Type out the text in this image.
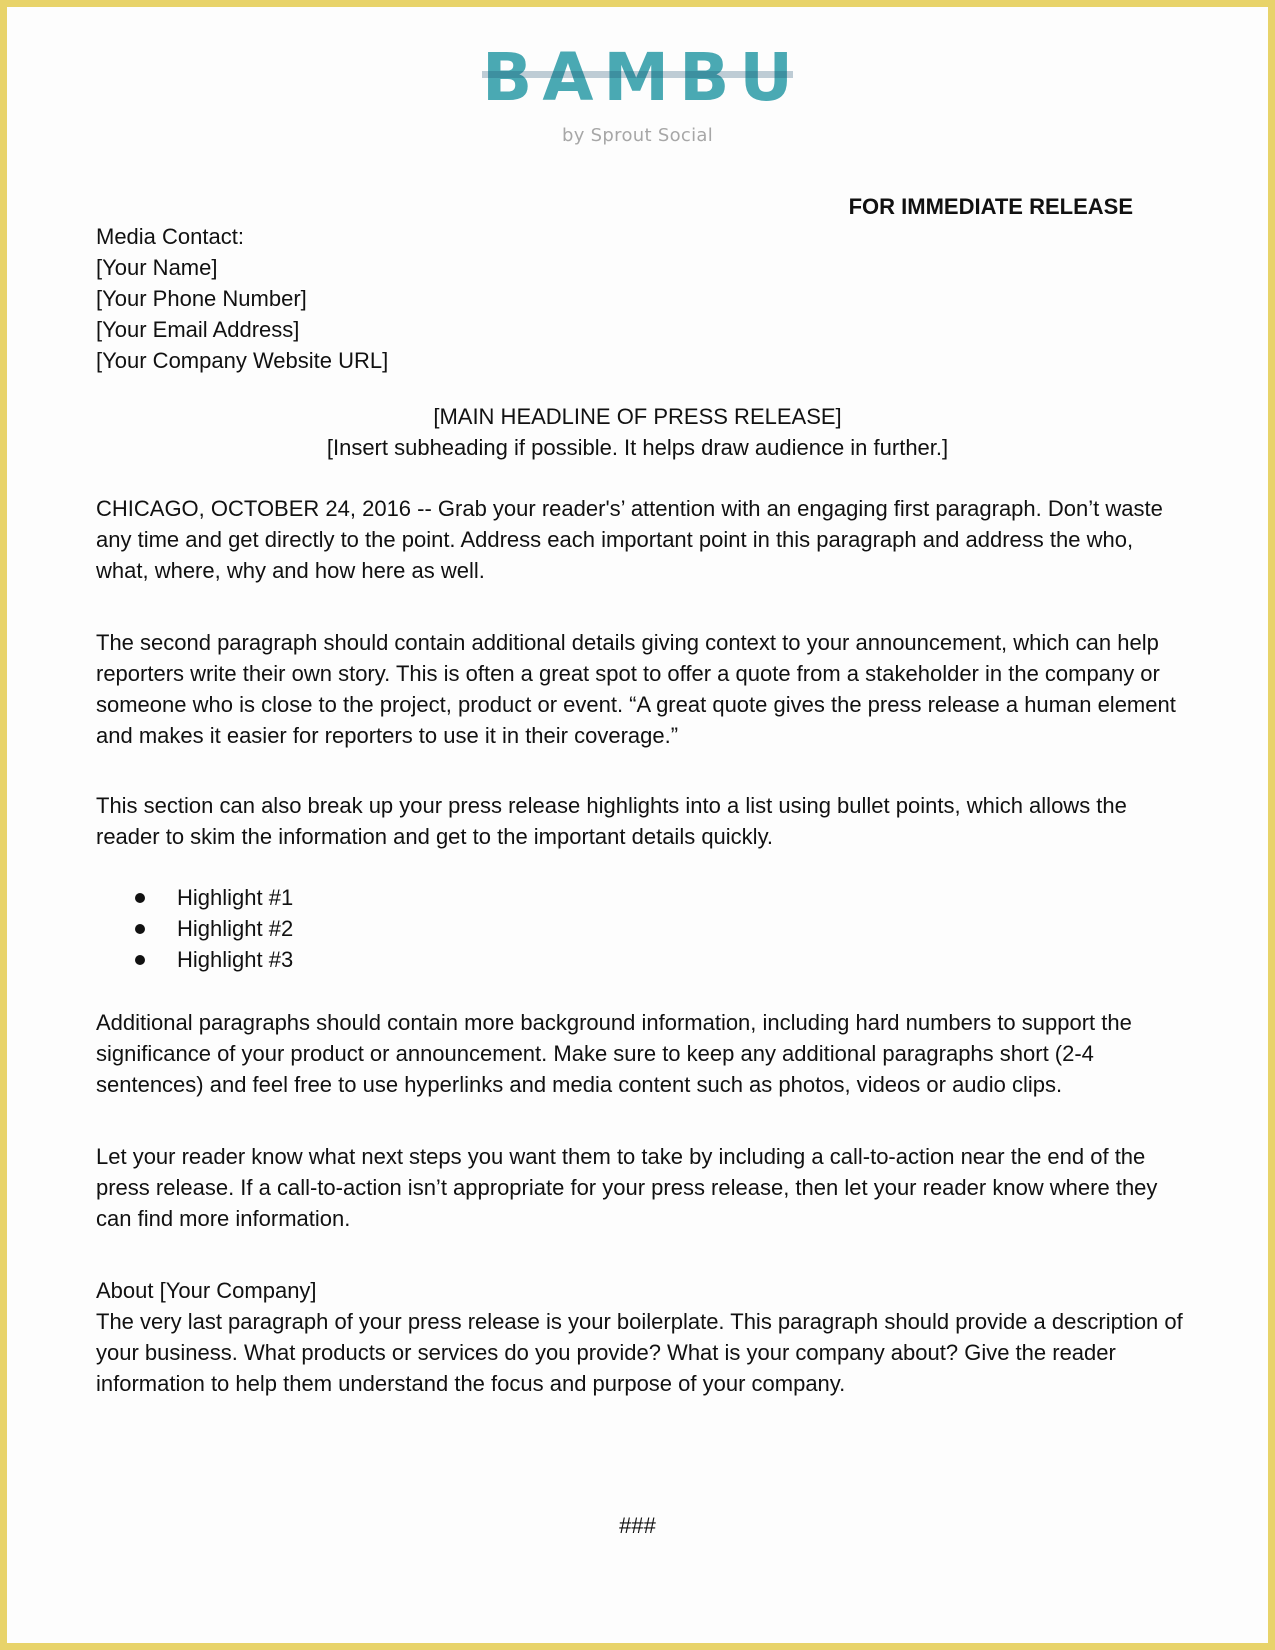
BAMBU
by Sprout Social
FOR IMMEDIATE RELEASE
Media Contact:
[Your Name]
[Your Phone Number]
[Your Email Address]
[Your Company Website URL]
[MAIN HEADLINE OF PRESS RELEASE]
[Insert subheading if possible. It helps draw audience in further.]

CHICAGO, OCTOBER 24, 2016 -- Grab your reader's’ attention with an engaging first paragraph. Don’t waste any time and get directly to the point. Address each important point in this paragraph and address the who, what, where, why and how here as well.

The second paragraph should contain additional details giving context to your announcement, which can help reporters write their own story. This is often a great spot to offer a quote from a stakeholder in the company or someone who is close to the project, product or event. “A great quote gives the press release a human element and makes it easier for reporters to use it in their coverage.”

This section can also break up your press release highlights into a list using bullet points, which allows the reader to skim the information and get to the important details quickly.

Highlight #1
Highlight #2
Highlight #3

Additional paragraphs should contain more background information, including hard numbers to support the significance of your product or announcement. Make sure to keep any additional paragraphs short (2-4 sentences) and feel free to use hyperlinks and media content such as photos, videos or audio clips.

Let your reader know what next steps you want them to take by including a call-to-action near the end of the press release. If a call-to-action isn’t appropriate for your press release, then let your reader know where they can find more information.

About [Your Company]
The very last paragraph of your press release is your boilerplate. This paragraph should provide a description of your business. What products or services do you provide? What is your company about? Give the reader information to help them understand the focus and purpose of your company.
###
